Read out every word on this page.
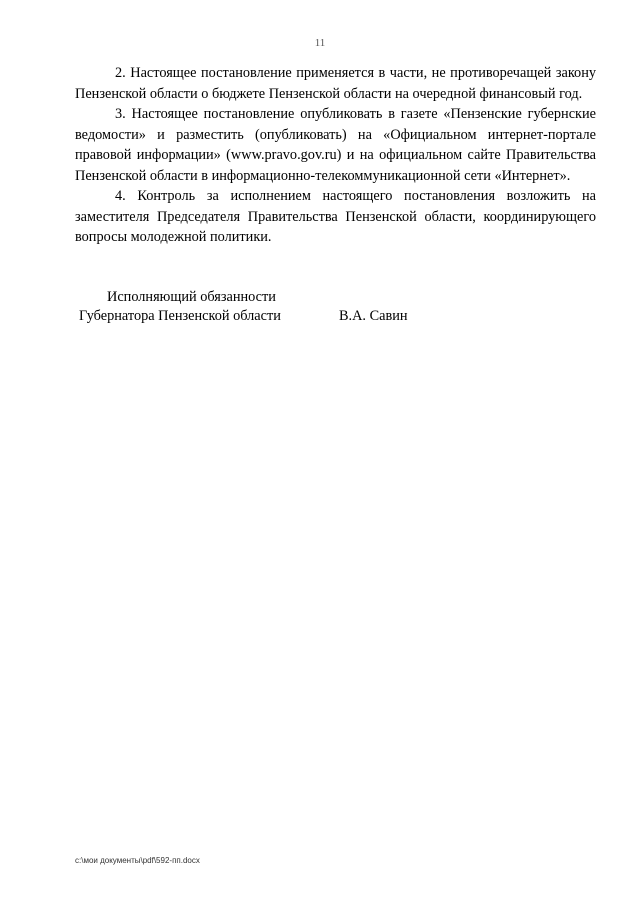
11

2. Настоящее постановление применяется в части, не противоречащей закону Пензенской области о бюджете Пензенской области на очередной финансовый год.

3. Настоящее постановление опубликовать в газете «Пензенские губернские ведомости» и разместить (опубликовать) на «Официальном интернет-портале правовой информации» (www.pravo.gov.ru) и на официальном сайте Правительства Пензенской области в информационно-телекоммуникационной сети «Интернет».

4. Контроль за исполнением настоящего постановления возложить на заместителя Председателя Правительства Пензенской области, координирующего вопросы молодежной политики.

Исполняющий обязанности
Губернатора Пензенской области	В.А. Савин
c:\мои документы\pdf\592-пп.docx
